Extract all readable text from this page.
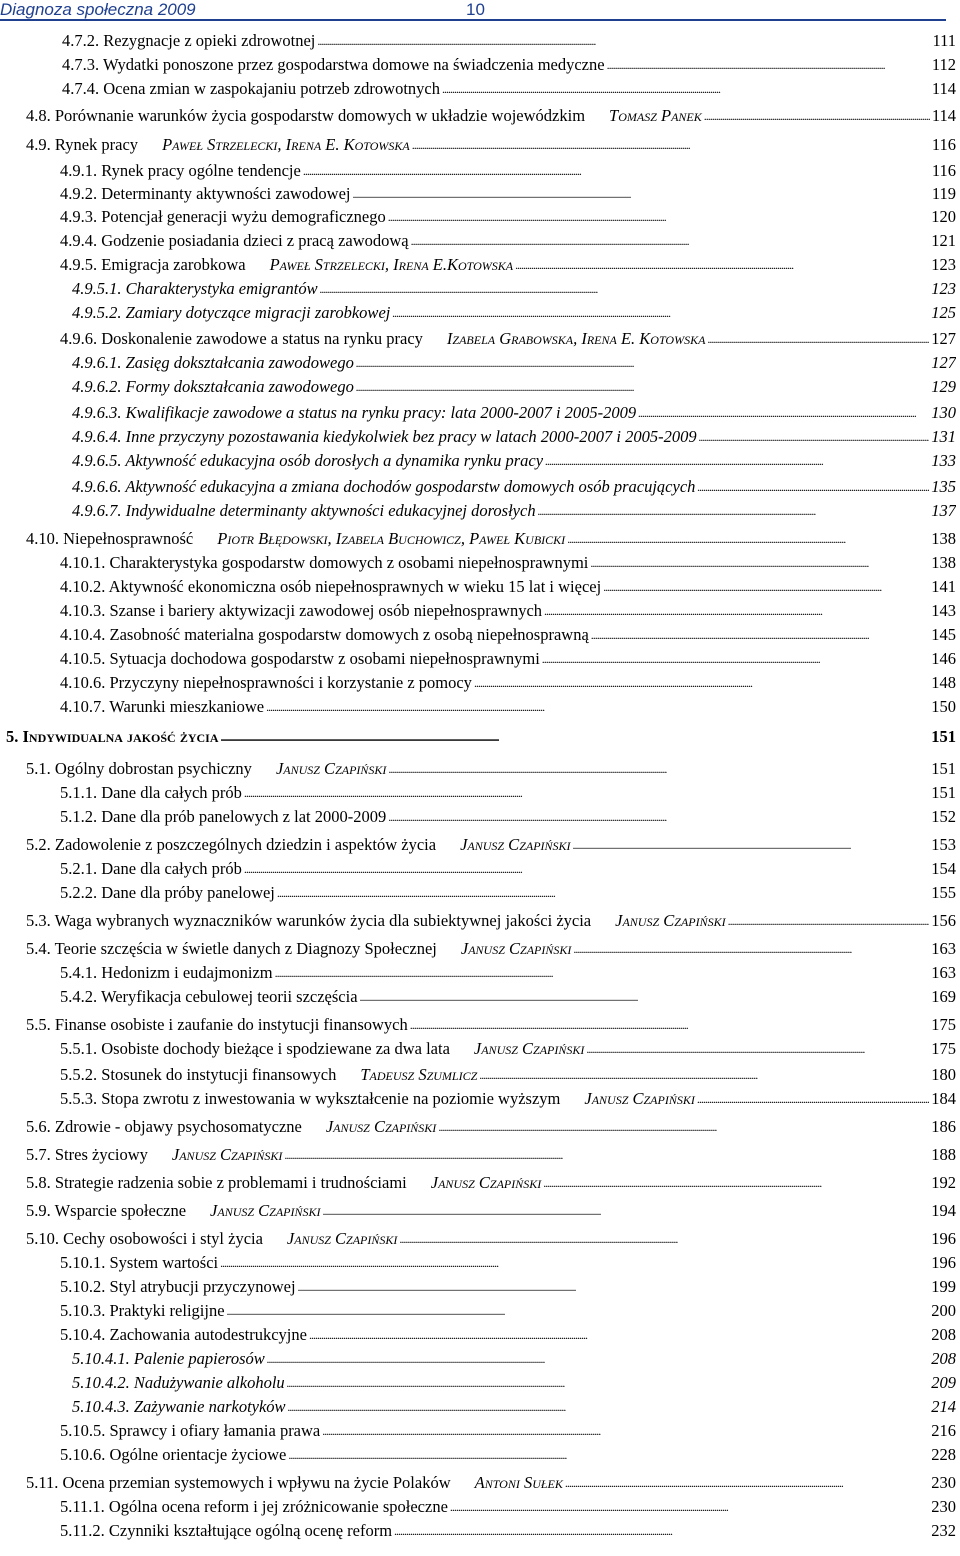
Diagnoza społeczna 2009	10
4.7.2. Rezygnacje z opieki zdrowotnej . . .	111
4.7.3. Wydatki ponoszone przez gospodarstwa domowe na świadczenia medyczne . . .	112
4.7.4. Ocena zmian w zaspokajaniu potrzeb zdrowotnych . . .	114
4.8. Porównanie warunków życia gospodarstw domowych w układzie wojewódzkim Tomasz Panek . . .	114
4.9. Rynek pracy Paweł Strzelecki, Irena E. Kotowska . . .	116
4.9.1. Rynek pracy ogólne tendencje . . .	116
4.9.2. Determinanty aktywności zawodowej . . .	119
4.9.3. Potencjał generacji wyżu demograficznego . . .	120
4.9.4. Godzenie posiadania dzieci z pracą zawodową . . .	121
4.9.5. Emigracja zarobkowa Paweł Strzelecki, Irena E.Kotowska . . .	123
4.9.5.1. Charakterystyka emigrantów . . .	123
4.9.5.2. Zamiary dotyczące migracji zarobkowej . . .	125
4.9.6. Doskonalenie zawodowe a status na rynku pracy Izabela Grabowska, Irena E. Kotowska . . .	127
4.9.6.1. Zasięg dokształcania zawodowego . . .	127
4.9.6.2. Formy dokształcania zawodowego . . .	129
4.9.6.3. Kwalifikacje zawodowe a status na rynku pracy: lata 2000-2007 i 2005-2009 . . .	130
4.9.6.4. Inne przyczyny pozostawania kiedykolwiek bez pracy w latach 2000-2007 i 2005-2009 . . .	131
4.9.6.5. Aktywność edukacyjna osób dorosłych a dynamika rynku pracy . . .	133
4.9.6.6. Aktywność edukacyjna a zmiana dochodów gospodarstw domowych osób pracujących . . .	135
4.9.6.7. Indywidualne determinanty aktywności edukacyjnej dorosłych . . .	137
4.10. Niepełnosprawność Piotr Błędowski, Izabela Buchowicz, Paweł Kubicki . . .	138
4.10.1. Charakterystyka gospodarstw domowych z osobami niepełnosprawnymi . . .	138
4.10.2. Aktywność ekonomiczna osób niepełnosprawnych w wieku 15 lat i więcej . . .	141
4.10.3. Szanse i bariery aktywizacji zawodowej osób niepełnosprawnych . . .	143
4.10.4. Zasobność materialna gospodarstw domowych z osobą niepełnosprawną . . .	145
4.10.5. Sytuacja dochodowa gospodarstw z osobami niepełnosprawnymi . . .	146
4.10.6. Przyczyny niepełnosprawności i korzystanie z pomocy . . .	148
4.10.7. Warunki mieszkaniowe . . .	150
5. Indywidualna jakość życia . . .	151
5.1. Ogólny dobrostan psychiczny Janusz Czapiński . . .	151
5.1.1. Dane dla całych prób . . .	151
5.1.2. Dane dla prób panelowych z lat 2000-2009 . . .	152
5.2. Zadowolenie z poszczególnych dziedzin i aspektów życia Janusz Czapiński . . .	153
5.2.1. Dane dla całych prób . . .	154
5.2.2. Dane dla próby panelowej . . .	155
5.3. Waga wybranych wyznaczników warunków życia dla subiektywnej jakości życia Janusz Czapiński . . .	156
5.4. Teorie szczęścia w świetle danych z Diagnozy Społecznej Janusz Czapiński . . .	163
5.4.1. Hedonizm i eudajmonizm . . .	163
5.4.2. Weryfikacja cebulowej teorii szczęścia . . .	169
5.5. Finanse osobiste i zaufanie do instytucji finansowych . . .	175
5.5.1. Osobiste dochody bieżące i spodziewane za dwa lata Janusz Czapiński . . .	175
5.5.2. Stosunek do instytucji finansowych Tadeusz Szumlicz . . .	180
5.5.3. Stopa zwrotu z inwestowania w wykształcenie na poziomie wyższym Janusz Czapiński . . .	184
5.6. Zdrowie - objawy psychosomatyczne Janusz Czapiński . . .	186
5.7. Stres życiowy Janusz Czapiński . . .	188
5.8. Strategie radzenia sobie z problemami i trudnościami Janusz Czapiński . . .	192
5.9. Wsparcie społeczne Janusz Czapiński . . .	194
5.10. Cechy osobowości i styl życia Janusz Czapiński . . .	196
5.10.1. System wartości . . .	196
5.10.2. Styl atrybucji przyczynowej . . .	199
5.10.3. Praktyki religijne . . .	200
5.10.4. Zachowania autodestrukcyjne . . .	208
5.10.4.1. Palenie papierosów . . .	208
5.10.4.2. Nadużywanie alkoholu . . .	209
5.10.4.3. Zażywanie narkotyków . . .	214
5.10.5. Sprawcy i ofiary łamania prawa . . .	216
5.10.6. Ogólne orientacje życiowe . . .	228
5.11. Ocena przemian systemowych i wpływu na życie Polaków Antoni Sułek . . .	230
5.11.1. Ogólna ocena reform i jej zróżnicowanie społeczne . . .	230
5.11.2. Czynniki kształtujące ogólną ocenę reform . . .	232
